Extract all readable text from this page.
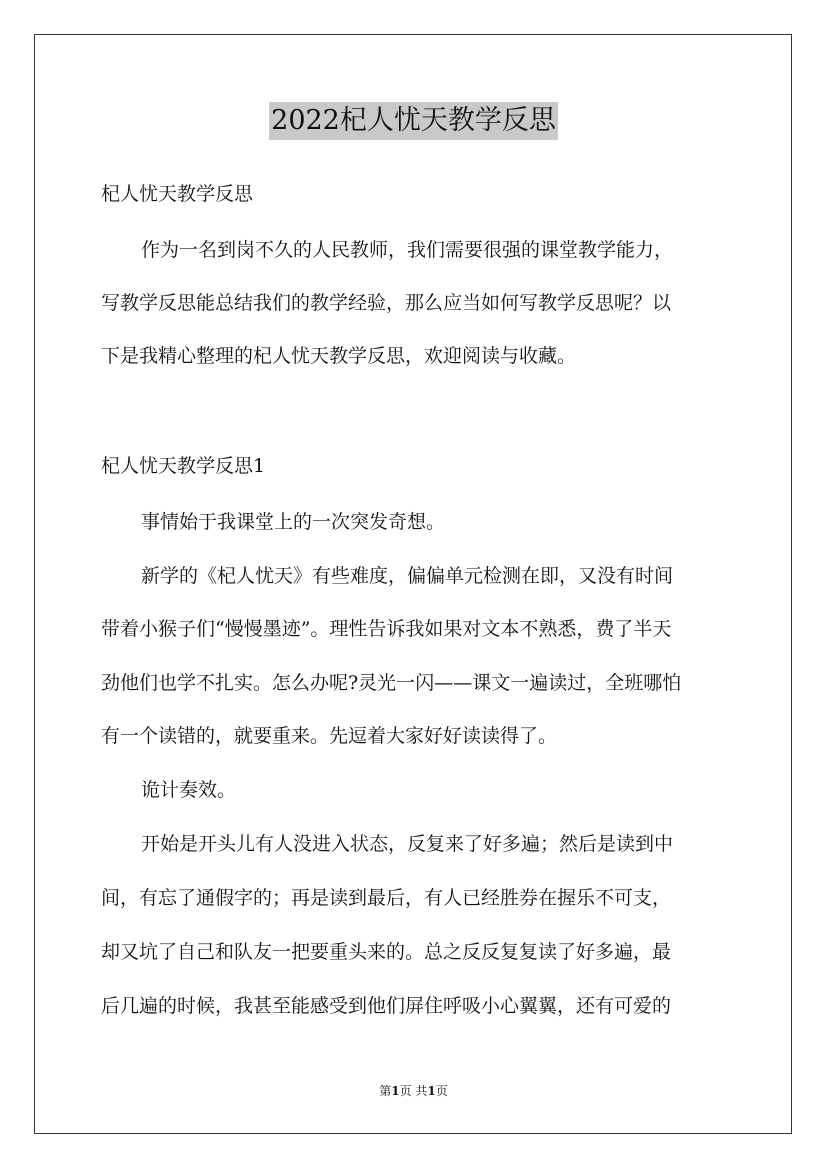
2022杞人忧天教学反思
杞人忧天教学反思
作为一名到岗不久的人民教师，我们需要很强的课堂教学能力，
写教学反思能总结我们的教学经验，那么应当如何写教学反思呢？以
下是我精心整理的杞人忧天教学反思，欢迎阅读与收藏。
杞人忧天教学反思1
事情始于我课堂上的一次突发奇想。
新学的《杞人忧天》有些难度，偏偏单元检测在即，又没有时间
带着小猴子们“慢慢墨迹”。理性告诉我如果对文本不熟悉，费了半天
劲他们也学不扎实。怎么办呢?灵光一闪——课文一遍读过，全班哪怕
有一个读错的，就要重来。先逗着大家好好读读得了。
诡计奏效。
开始是开头儿有人没进入状态，反复来了好多遍；然后是读到中
间，有忘了通假字的；再是读到最后，有人已经胜券在握乐不可支，
却又坑了自己和队友一把要重头来的。总之反反复复读了好多遍，最
后几遍的时候，我甚至能感受到他们屏住呼吸小心翼翼，还有可爱的
第1页 共1页
